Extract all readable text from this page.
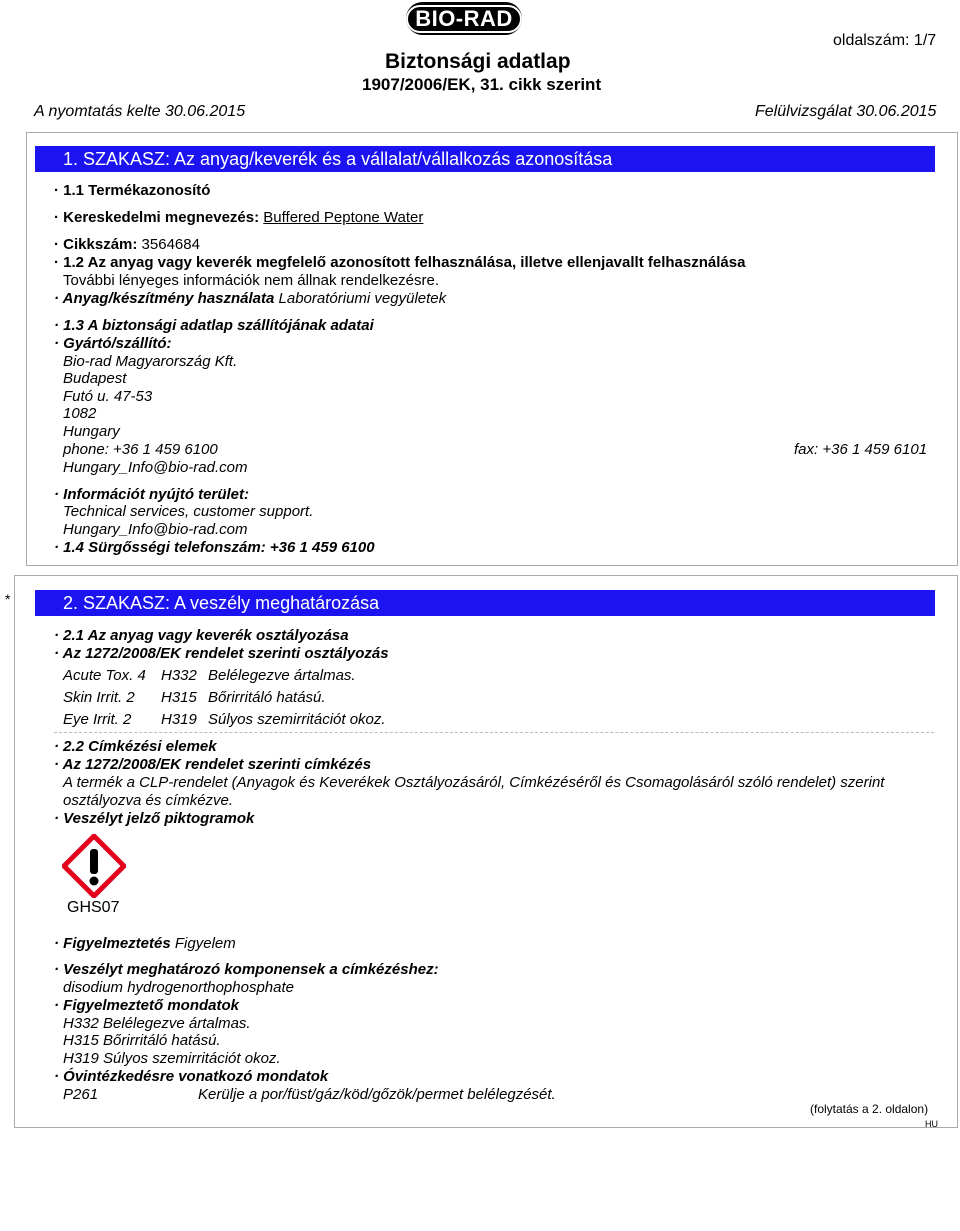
BIO-RAD
Biztonsági adatlap
1907/2006/EK, 31. cikk szerint
oldalszám: 1/7
A nyomtatás kelte 30.06.2015	Felülvizsgálat 30.06.2015
1. SZAKASZ: Az anyag/keverék és a vállalat/vállalkozás azonosítása
· 1.1 Termékazonosító
· Kereskedelmi megnevezés: Buffered Peptone Water
· Cikkszám: 3564684
· 1.2 Az anyag vagy keverék megfelelő azonosított felhasználása, illetve ellenjavallt felhasználása
További lényeges információk nem állnak rendelkezésre.
· Anyag/készítmény használata Laboratóriumi vegyületek
· 1.3 A biztonsági adatlap szállítójának adatai
· Gyártó/szállító:
Bio-rad Magyarország Kft.
Budapest
Futó u. 47-53
1082
Hungary
phone: +36 1 459 6100	fax: +36 1 459 6101
Hungary_Info@bio-rad.com
· Információt nyújtó terület:
Technical services, customer support.
Hungary_Info@bio-rad.com
· 1.4 Sürgősségi telefonszám: +36 1 459 6100
*	2. SZAKASZ: A veszély meghatározása
· 2.1 Az anyag vagy keverék osztályozása
· Az 1272/2008/EK rendelet szerinti osztályozás
Acute Tox. 4 H332 Belélegezve ártalmas.
Skin Irrit. 2 H315 Bőrirritáló hatású.
Eye Irrit. 2 H319 Súlyos szemirritációt okoz.
· 2.2 Címkézési elemek
· Az 1272/2008/EK rendelet szerinti címkézés
A termék a CLP-rendelet (Anyagok és Keverékek Osztályozásáról, Címkézéséről és Csomagolásáról szóló rendelet) szerint
osztályozva és címkézve.
· Veszélyt jelző piktogramok
GHS07
· Figyelmeztetés Figyelem
· Veszélyt meghatározó komponensek a címkézéshez:
disodium hydrogenorthophosphate
· Figyelmeztető mondatok
H332 Belélegezve ártalmas.
H315 Bőrirritáló hatású.
H319 Súlyos szemirritációt okoz.
· Óvintézkedésre vonatkozó mondatok
P261	Kerülje a por/füst/gáz/köd/gőzök/permet belélegzését.
(folytatás a 2. oldalon)
HU
